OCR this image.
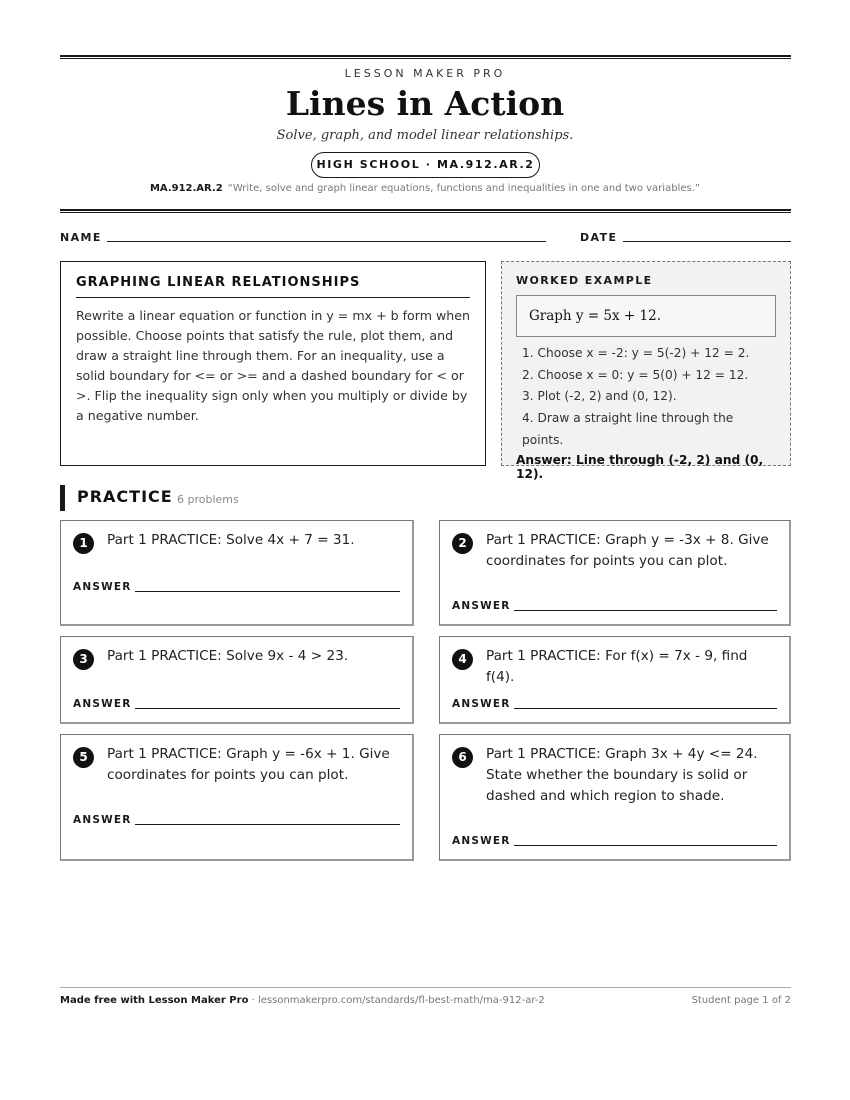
LESSON MAKER PRO
Lines in Action
Solve, graph, and model linear relationships.
HIGH SCHOOL · MA.912.AR.2
MA.912.AR.2 “Write, solve and graph linear equations, functions and inequalities in one and two variables.”
NAME	DATE
GRAPHING LINEAR RELATIONSHIPS

Rewrite a linear equation or function in y = mx + b form when possible. Choose points that satisfy the rule, plot them, and draw a straight line through them. For an inequality, use a solid boundary for <= or >= and a dashed boundary for < or >. Flip the inequality sign only when you multiply or divide by a negative number.

WORKED EXAMPLE
Graph y = 5x + 12.
1. Choose x = -2: y = 5(-2) + 12 = 2.
2. Choose x = 0: y = 5(0) + 12 = 12.
3. Plot (-2, 2) and (0, 12).
4. Draw a straight line through the points.
Answer: Line through (-2, 2) and (0, 12).
PRACTICE 6 problems
1	Part 1 PRACTICE: Solve 4x + 7 = 31.
ANSWER
2	Part 1 PRACTICE: Graph y = -3x + 8. Give coordinates for points you can plot.
ANSWER
3	Part 1 PRACTICE: Solve 9x - 4 > 23.
ANSWER
4	Part 1 PRACTICE: For f(x) = 7x - 9, find f(4).
ANSWER
5	Part 1 PRACTICE: Graph y = -6x + 1. Give coordinates for points you can plot.
ANSWER
6	Part 1 PRACTICE: Graph 3x + 4y <= 24. State whether the boundary is solid or dashed and which region to shade.
ANSWER
Made free with Lesson Maker Pro · lessonmakerpro.com/standards/fl-best-math/ma-912-ar-2	Student page 1 of 2
